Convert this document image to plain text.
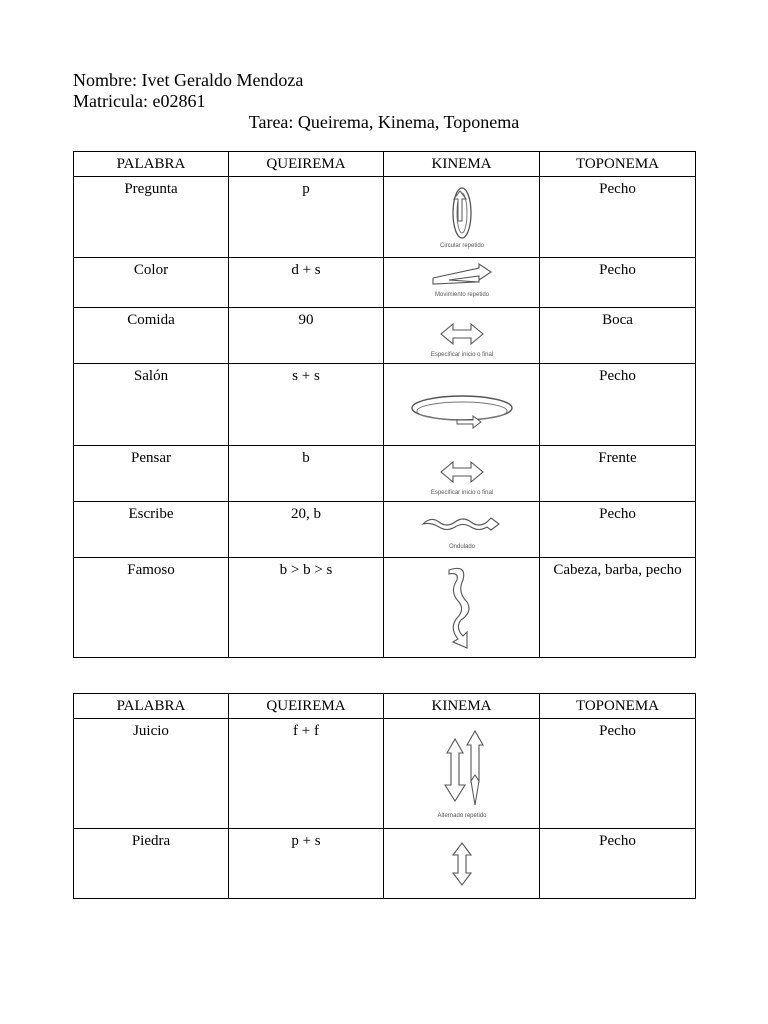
Nombre: Ivet Geraldo Mendoza
Matricula: e02861
Tarea: Queirema, Kinema, Toponema
PALABRA	QUEIREMA	KINEMA	TOPONEMA
Pregunta	p	Circular repetido	Pecho
Color	d + s	Movimiento repetido	Pecho
Comida	90	Especificar inicio o final	Boca
Salón	s + s		Pecho
Pensar	b	Especificar inicio o final	Frente
Escribe	20, b	Ondulado	Pecho
Famoso	b > b > s		Cabeza, barba, pecho
PALABRA	QUEIREMA	KINEMA	TOPONEMA
Juicio	f + f	Alternado repetido	Pecho
Piedra	p + s		Pecho
